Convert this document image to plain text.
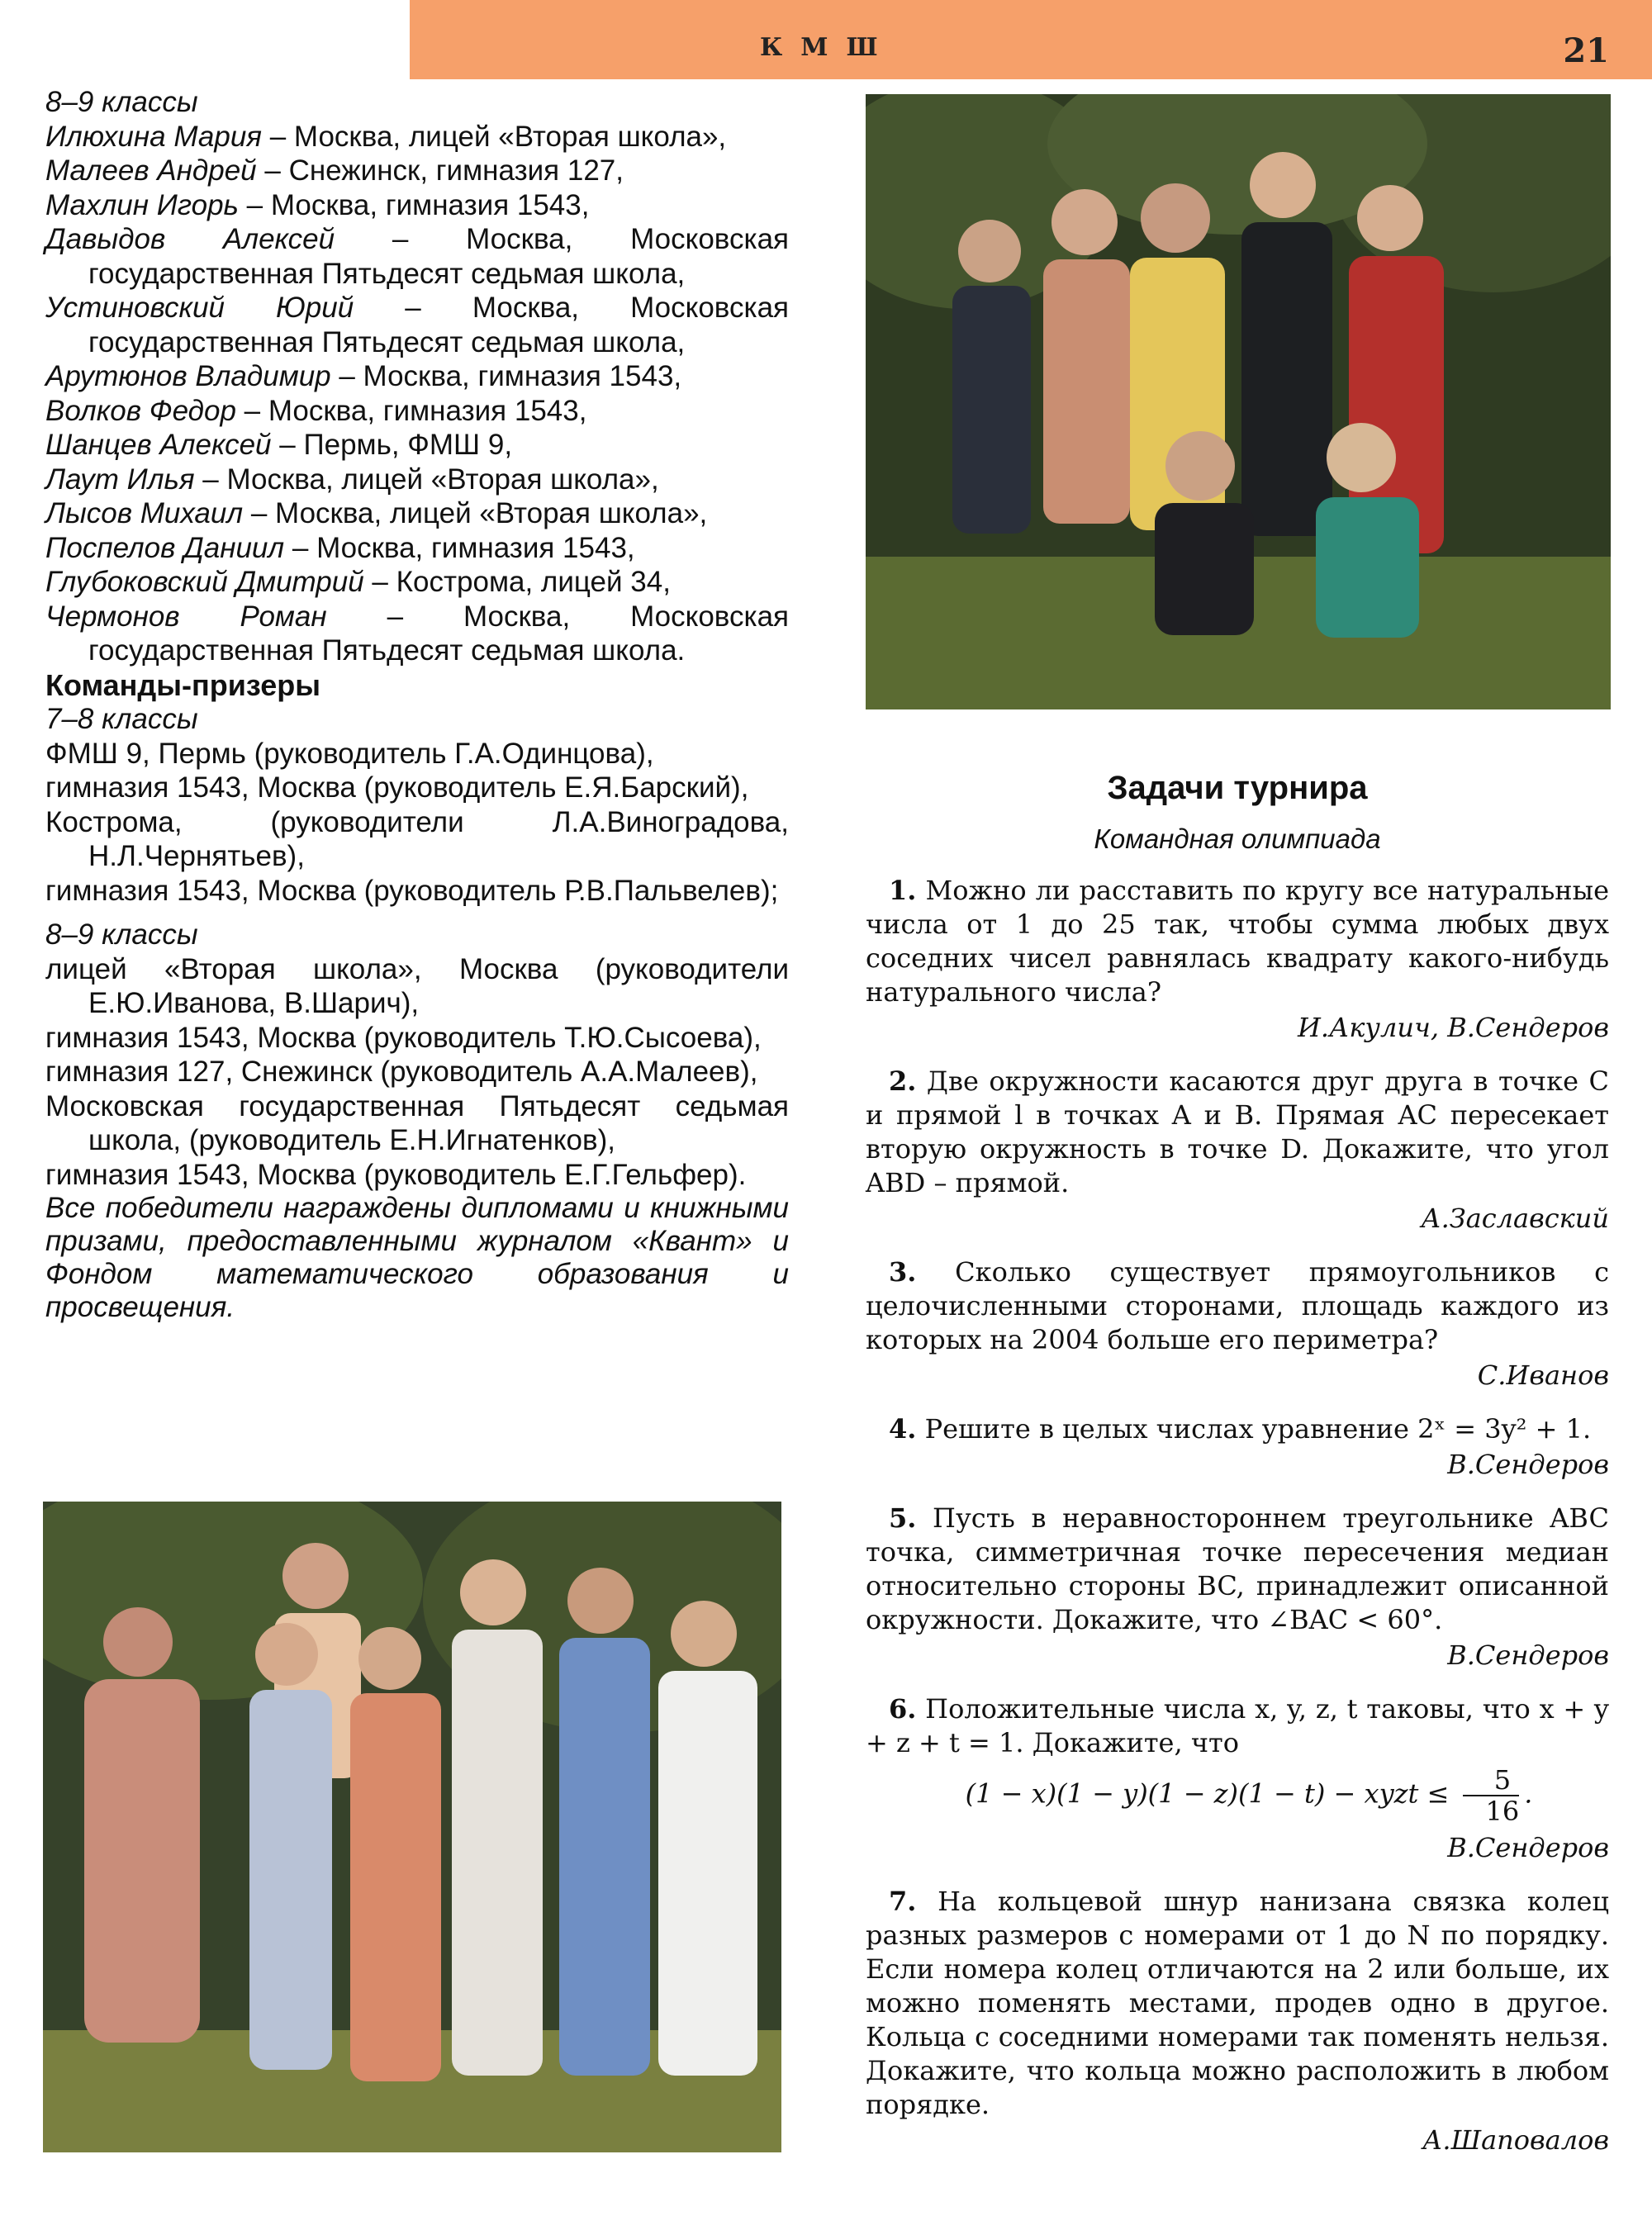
КМШ	21

8–9 классы

Илюхина Мария – Москва, лицей «Вторая школа»,

Малеев Андрей – Снежинск, гимназия 127,

Махлин Игорь – Москва, гимназия 1543,

Давыдов Алексей – Москва, Московская государственная Пятьдесят седьмая школа,

Устиновский Юрий – Москва, Московская государственная Пятьдесят седьмая школа,

Арутюнов Владимир – Москва, гимназия 1543,

Волков Федор – Москва, гимназия 1543,

Шанцев Алексей – Пермь, ФМШ 9,

Лаут Илья – Москва, лицей «Вторая школа»,

Лысов Михаил – Москва, лицей «Вторая школа»,

Поспелов Даниил – Москва, гимназия 1543,

Глубоковский Дмитрий – Кострома, лицей 34,

Чермонов Роман – Москва, Московская государственная Пятьдесят седьмая школа.

Команды-призеры

7–8 классы

ФМШ 9, Пермь (руководитель Г.А.Одинцова),

гимназия 1543, Москва (руководитель Е.Я.Барский),

Кострома, (руководители Л.А.Виноградова, Н.Л.Чернятьев),

гимназия 1543, Москва (руководитель Р.В.Пальвелев);

8–9 классы

лицей «Вторая школа», Москва (руководители Е.Ю.Иванова, В.Шарич),

гимназия 1543, Москва (руководитель Т.Ю.Сысоева),

гимназия 127, Снежинск (руководитель А.А.Малеев),

Московская государственная Пятьдесят седьмая школа, (руководитель Е.Н.Игнатенков),

гимназия 1543, Москва (руководитель Е.Г.Гельфер).

Все победители награждены дипломами и книжными призами, предоставленными журналом «Квант» и Фондом математического образования и просвещения.

Задачи турнира

Командная олимпиада

1. Можно ли расставить по кругу все натуральные числа от 1 до 25 так, чтобы сумма любых двух соседних чисел равнялась квадрату какого-нибудь натурального числа?
И.Акулич, В.Сендеров
2. Две окружности касаются друг друга в точке C и прямой l в точках A и B. Прямая AC пересекает вторую окружность в точке D. Докажите, что угол ABD – прямой.
А.Заславский
3. Сколько существует прямоугольников с целочисленными сторонами, площадь каждого из которых на 2004 больше его периметра?
С.Иванов
4. Решите в целых числах уравнение 2ˣ = 3y² + 1.
В.Сендеров
5. Пусть в неравностороннем треугольнике ABC точка, симметричная точке пересечения медиан относительно стороны BC, принадлежит описанной окружности. Докажите, что ∠BAC < 60°.
В.Сендеров
6. Положительные числа x, y, z, t таковы, что x + y + z + t = 1. Докажите, что
(1 − x)(1 − y)(1 − z)(1 − t) − xyzt ≤ $\frac{5}{16}$ .
В.Сендеров
7. На кольцевой шнур нанизана связка колец разных размеров с номерами от 1 до N по порядку. Если номера колец отличаются на 2 или больше, их можно поменять местами, продев одно в другое. Кольца с соседними номерами так поменять нельзя. Докажите, что кольца можно расположить в любом порядке.
А.Шаповалов
